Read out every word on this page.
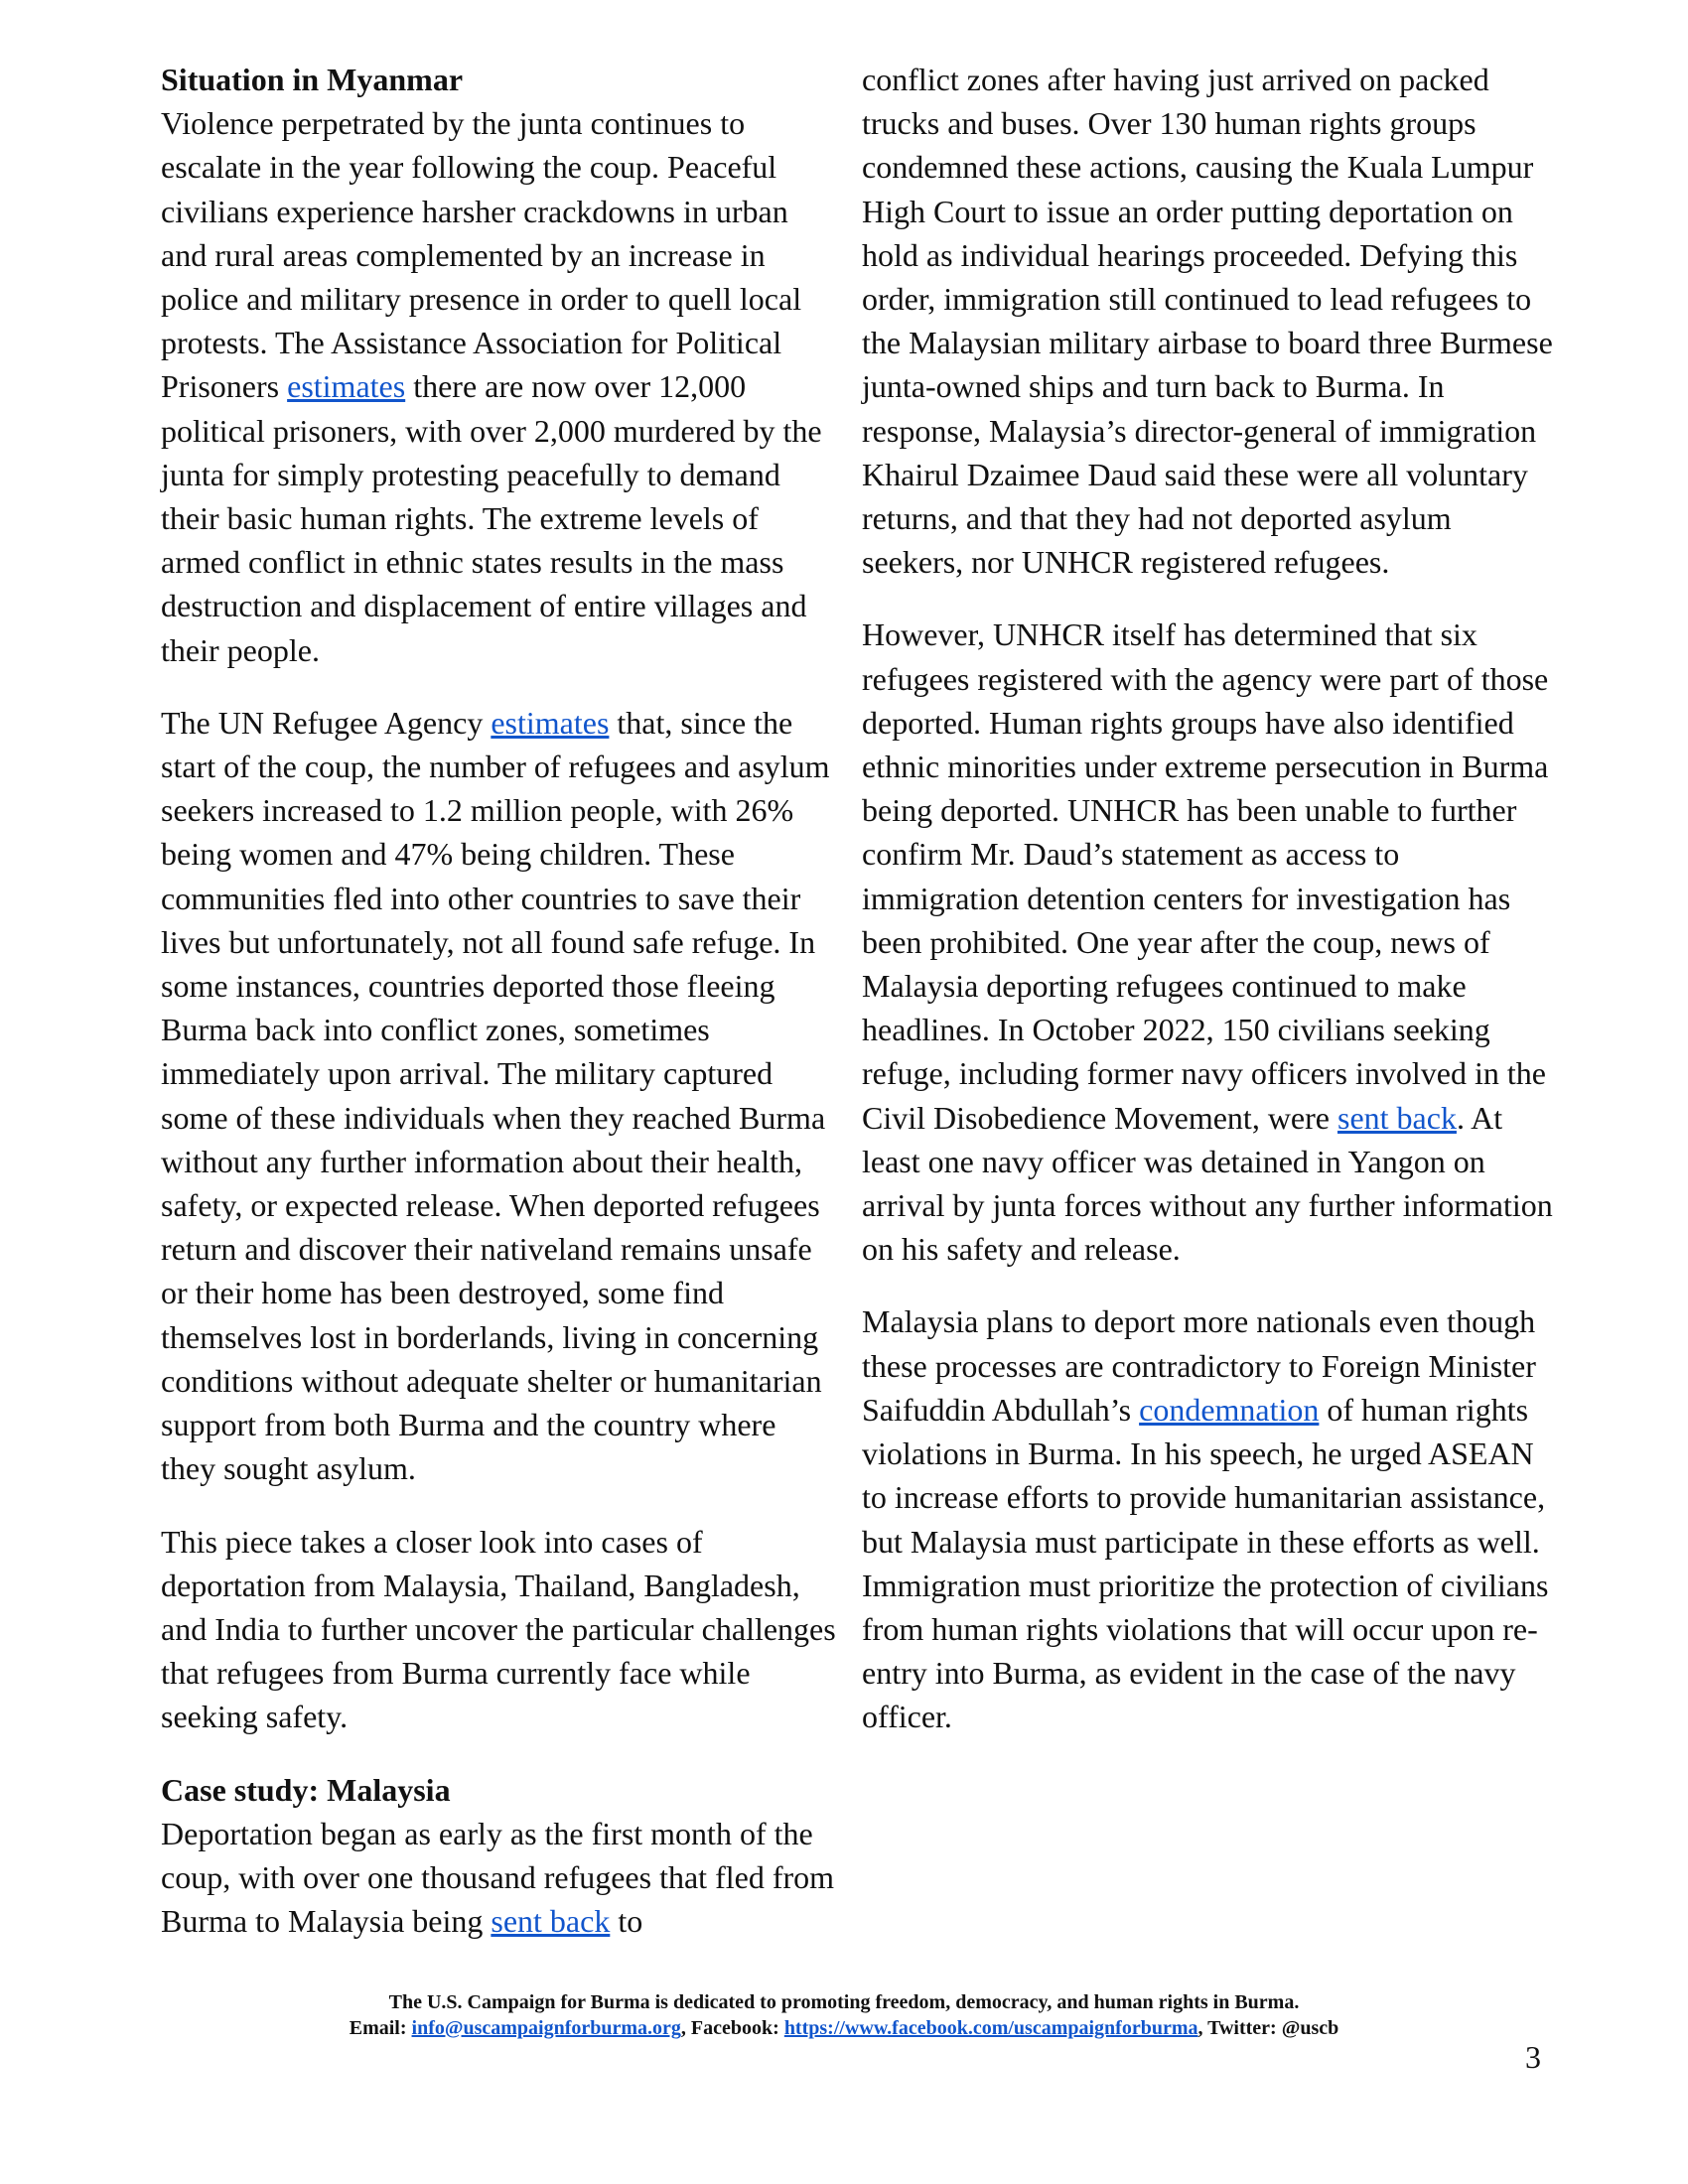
Situation in Myanmar

Violence perpetrated by the junta continues to escalate in the year following the coup. Peaceful civilians experience harsher crackdowns in urban and rural areas complemented by an increase in police and military presence in order to quell local protests. The Assistance Association for Political Prisoners estimates there are now over 12,000 political prisoners, with over 2,000 murdered by the junta for simply protesting peacefully to demand their basic human rights. The extreme levels of armed conflict in ethnic states results in the mass destruction and displacement of entire villages and their people.

The UN Refugee Agency estimates that, since the start of the coup, the number of refugees and asylum seekers increased to 1.2 million people, with 26% being women and 47% being children. These communities fled into other countries to save their lives but unfortunately, not all found safe refuge. In some instances, countries deported those fleeing Burma back into conflict zones, sometimes immediately upon arrival. The military captured some of these individuals when they reached Burma without any further information about their health, safety, or expected release. When deported refugees return and discover their nativeland remains unsafe or their home has been destroyed, some find themselves lost in borderlands, living in concerning conditions without adequate shelter or humanitarian support from both Burma and the country where they sought asylum.

This piece takes a closer look into cases of deportation from Malaysia, Thailand, Bangladesh, and India to further uncover the particular challenges that refugees from Burma currently face while seeking safety.

Case study: Malaysia

Deportation began as early as the first month of the coup, with over one thousand refugees that fled from Burma to Malaysia being sent back to

conflict zones after having just arrived on packed trucks and buses. Over 130 human rights groups condemned these actions, causing the Kuala Lumpur High Court to issue an order putting deportation on hold as individual hearings proceeded. Defying this order, immigration still continued to lead refugees to the Malaysian military airbase to board three Burmese junta-owned ships and turn back to Burma. In response, Malaysia’s director-general of immigration Khairul Dzaimee Daud said these were all voluntary returns, and that they had not deported asylum seekers, nor UNHCR registered refugees.

However, UNHCR itself has determined that six refugees registered with the agency were part of those deported. Human rights groups have also identified ethnic minorities under extreme persecution in Burma being deported. UNHCR has been unable to further confirm Mr. Daud’s statement as access to immigration detention centers for investigation has been prohibited. One year after the coup, news of Malaysia deporting refugees continued to make headlines. In October 2022, 150 civilians seeking refuge, including former navy officers involved in the Civil Disobedience Movement, were sent back. At least one navy officer was detained in Yangon on arrival by junta forces without any further information on his safety and release.

Malaysia plans to deport more nationals even though these processes are contradictory to Foreign Minister Saifuddin Abdullah’s condemnation of human rights violations in Burma. In his speech, he urged ASEAN to increase efforts to provide humanitarian assistance, but Malaysia must participate in these efforts as well. Immigration must prioritize the protection of civilians from human rights violations that will occur upon re-entry into Burma, as evident in the case of the navy officer.

The U.S. Campaign for Burma is dedicated to promoting freedom, democracy, and human rights in Burma.
Email: info@uscampaignforburma.org, Facebook: https://www.facebook.com/uscampaignforburma, Twitter: @uscb
3
